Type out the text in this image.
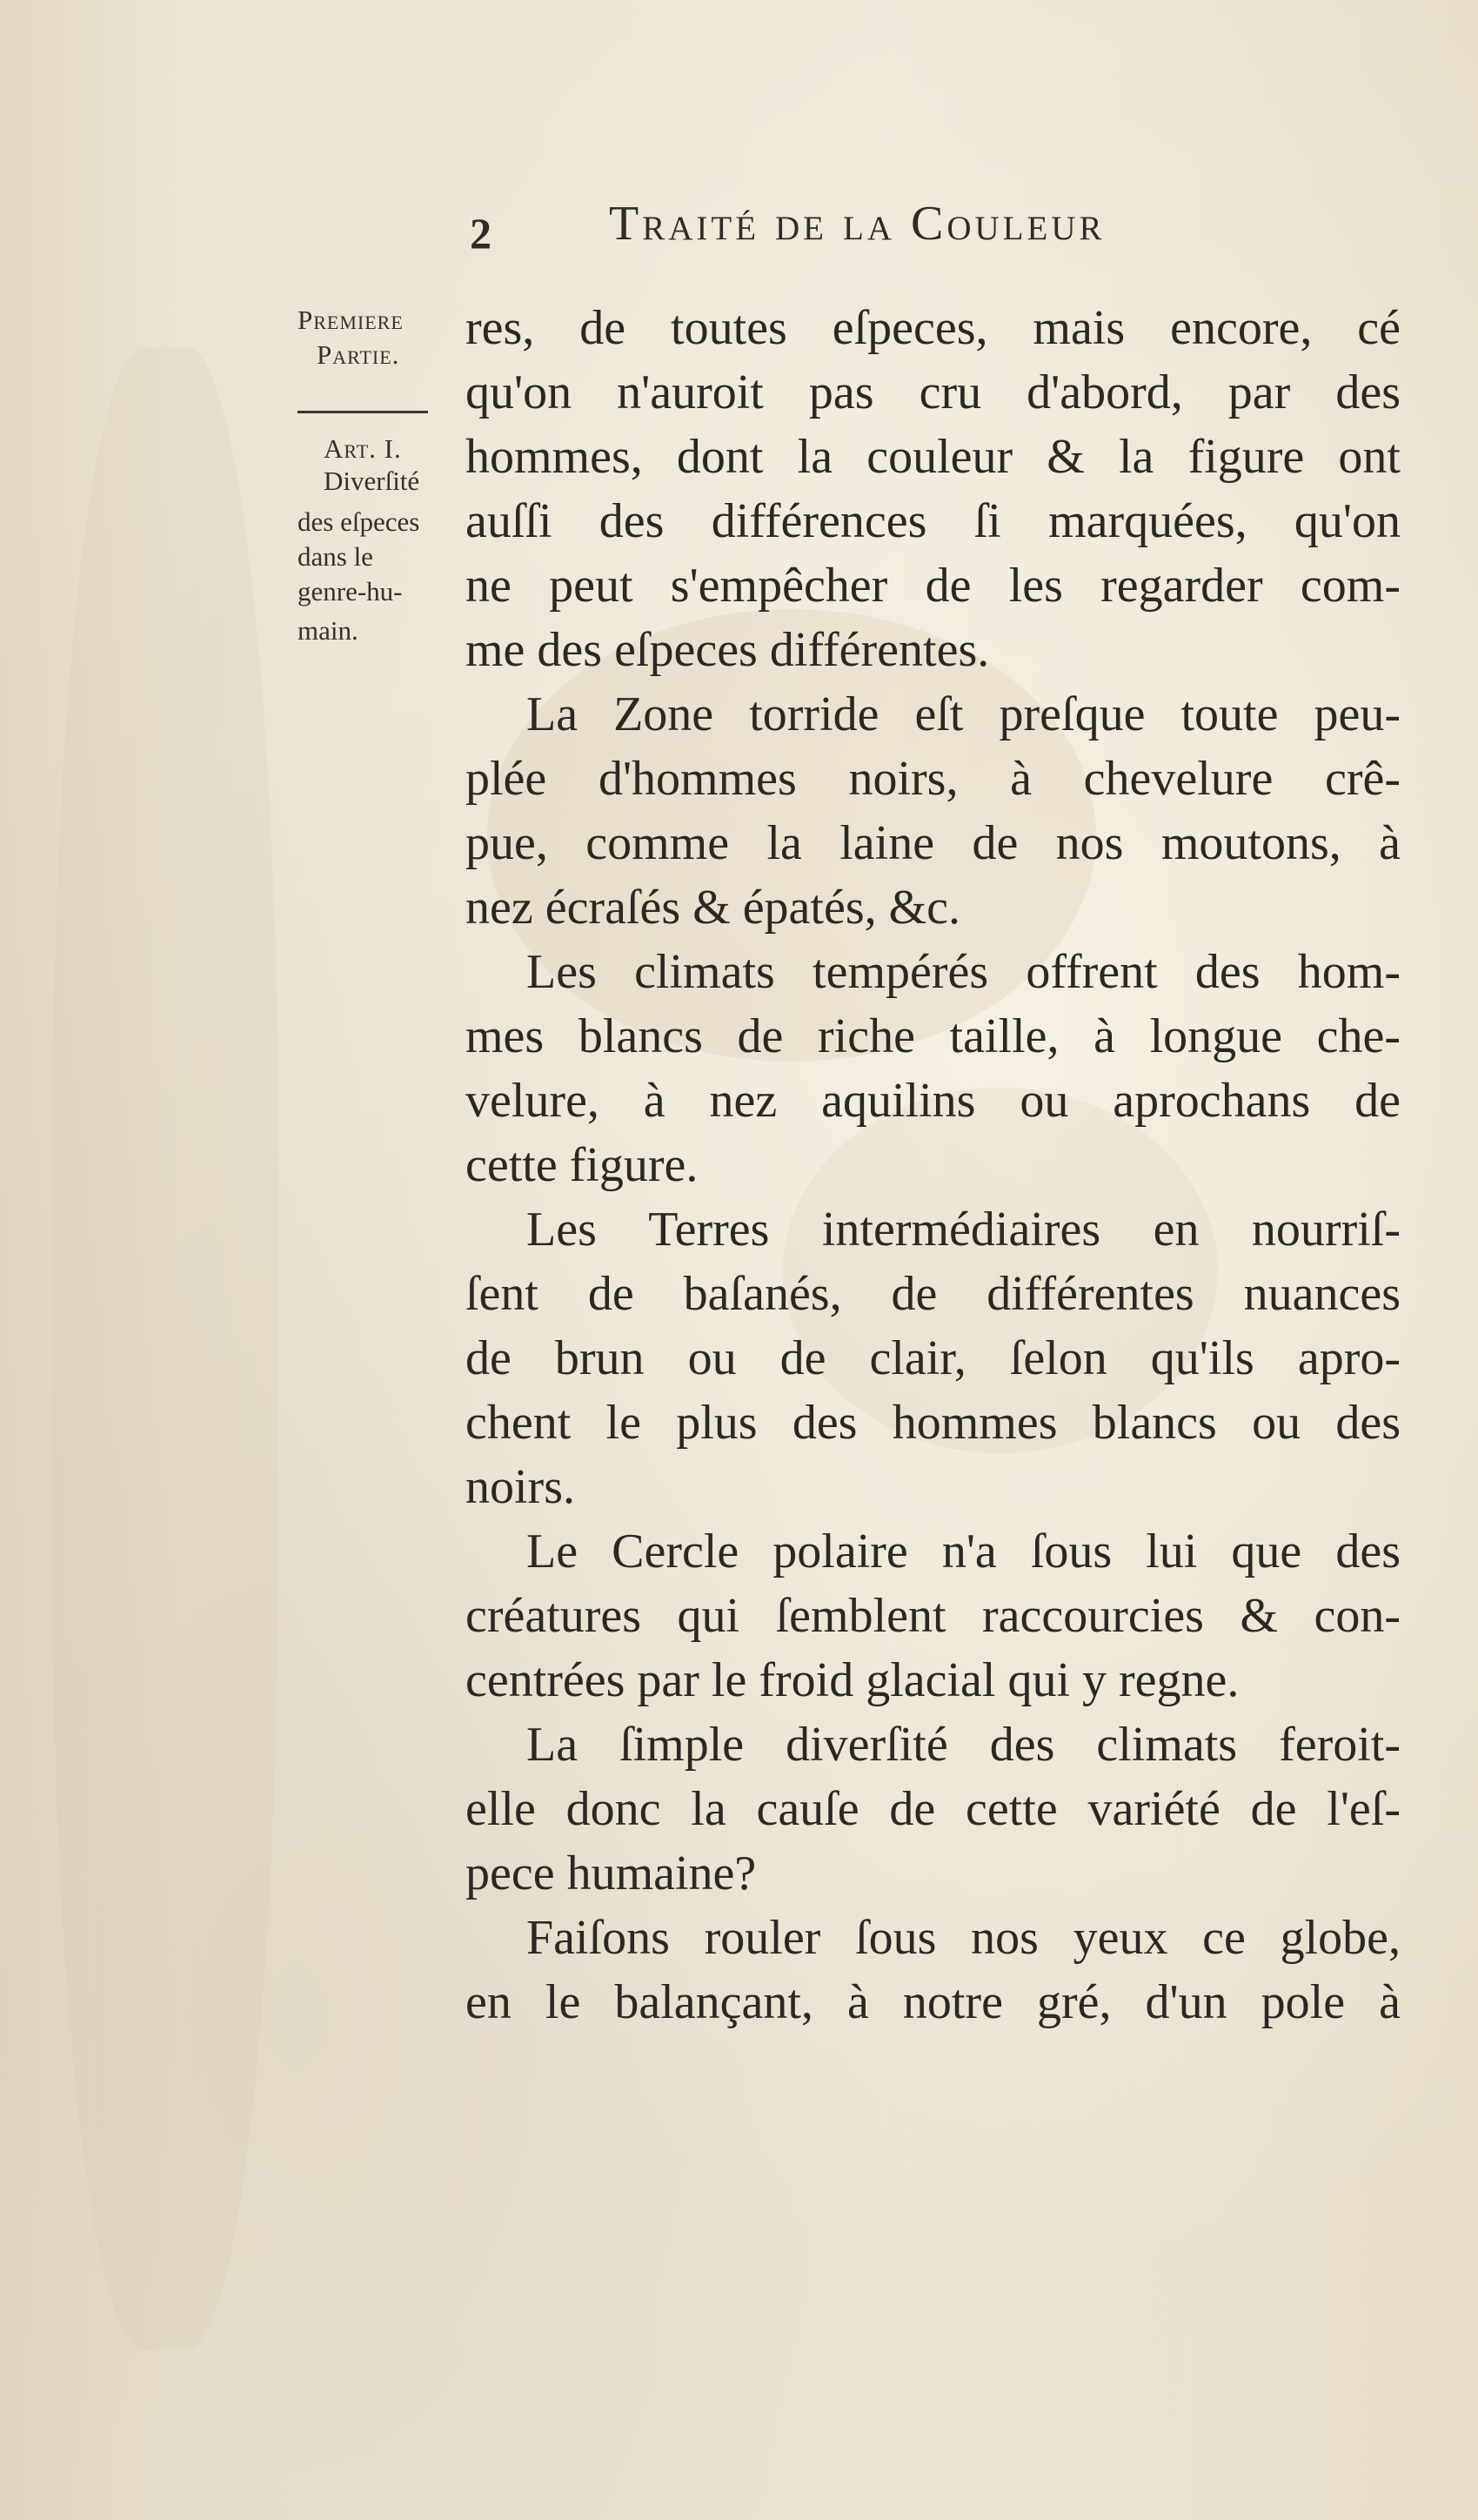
2 Traité de la Couleur
Premiere
Partie.
Art. I.
Diverſité
des eſpeces
dans le
genre-hu-
main.
res, de toutes eſpeces, mais encore, cé
qu'on n'auroit pas cru d'abord, par des
hommes, dont la couleur & la figure ont
auſſi des différences ſi marquées, qu'on
ne peut s'empêcher de les regarder com-
me des eſpeces différentes.
La Zone torride eſt preſque toute peu-
plée d'hommes noirs, à chevelure crê-
pue, comme la laine de nos moutons, à
nez écraſés & épatés, &c.
Les climats tempérés offrent des hom-
mes blancs de riche taille, à longue che-
velure, à nez aquilins ou aprochans de
cette figure.
Les Terres intermédiaires en nourriſ-
ſent de baſanés, de différentes nuances
de brun ou de clair, ſelon qu'ils apro-
chent le plus des hommes blancs ou des
noirs.
Le Cercle polaire n'a ſous lui que des
créatures qui ſemblent raccourcies & con-
centrées par le froid glacial qui y regne.
La ſimple diverſité des climats feroit-
elle donc la cauſe de cette variété de l'eſ-
pece humaine?
Faiſons rouler ſous nos yeux ce globe,
en le balançant, à notre gré, d'un pole à
